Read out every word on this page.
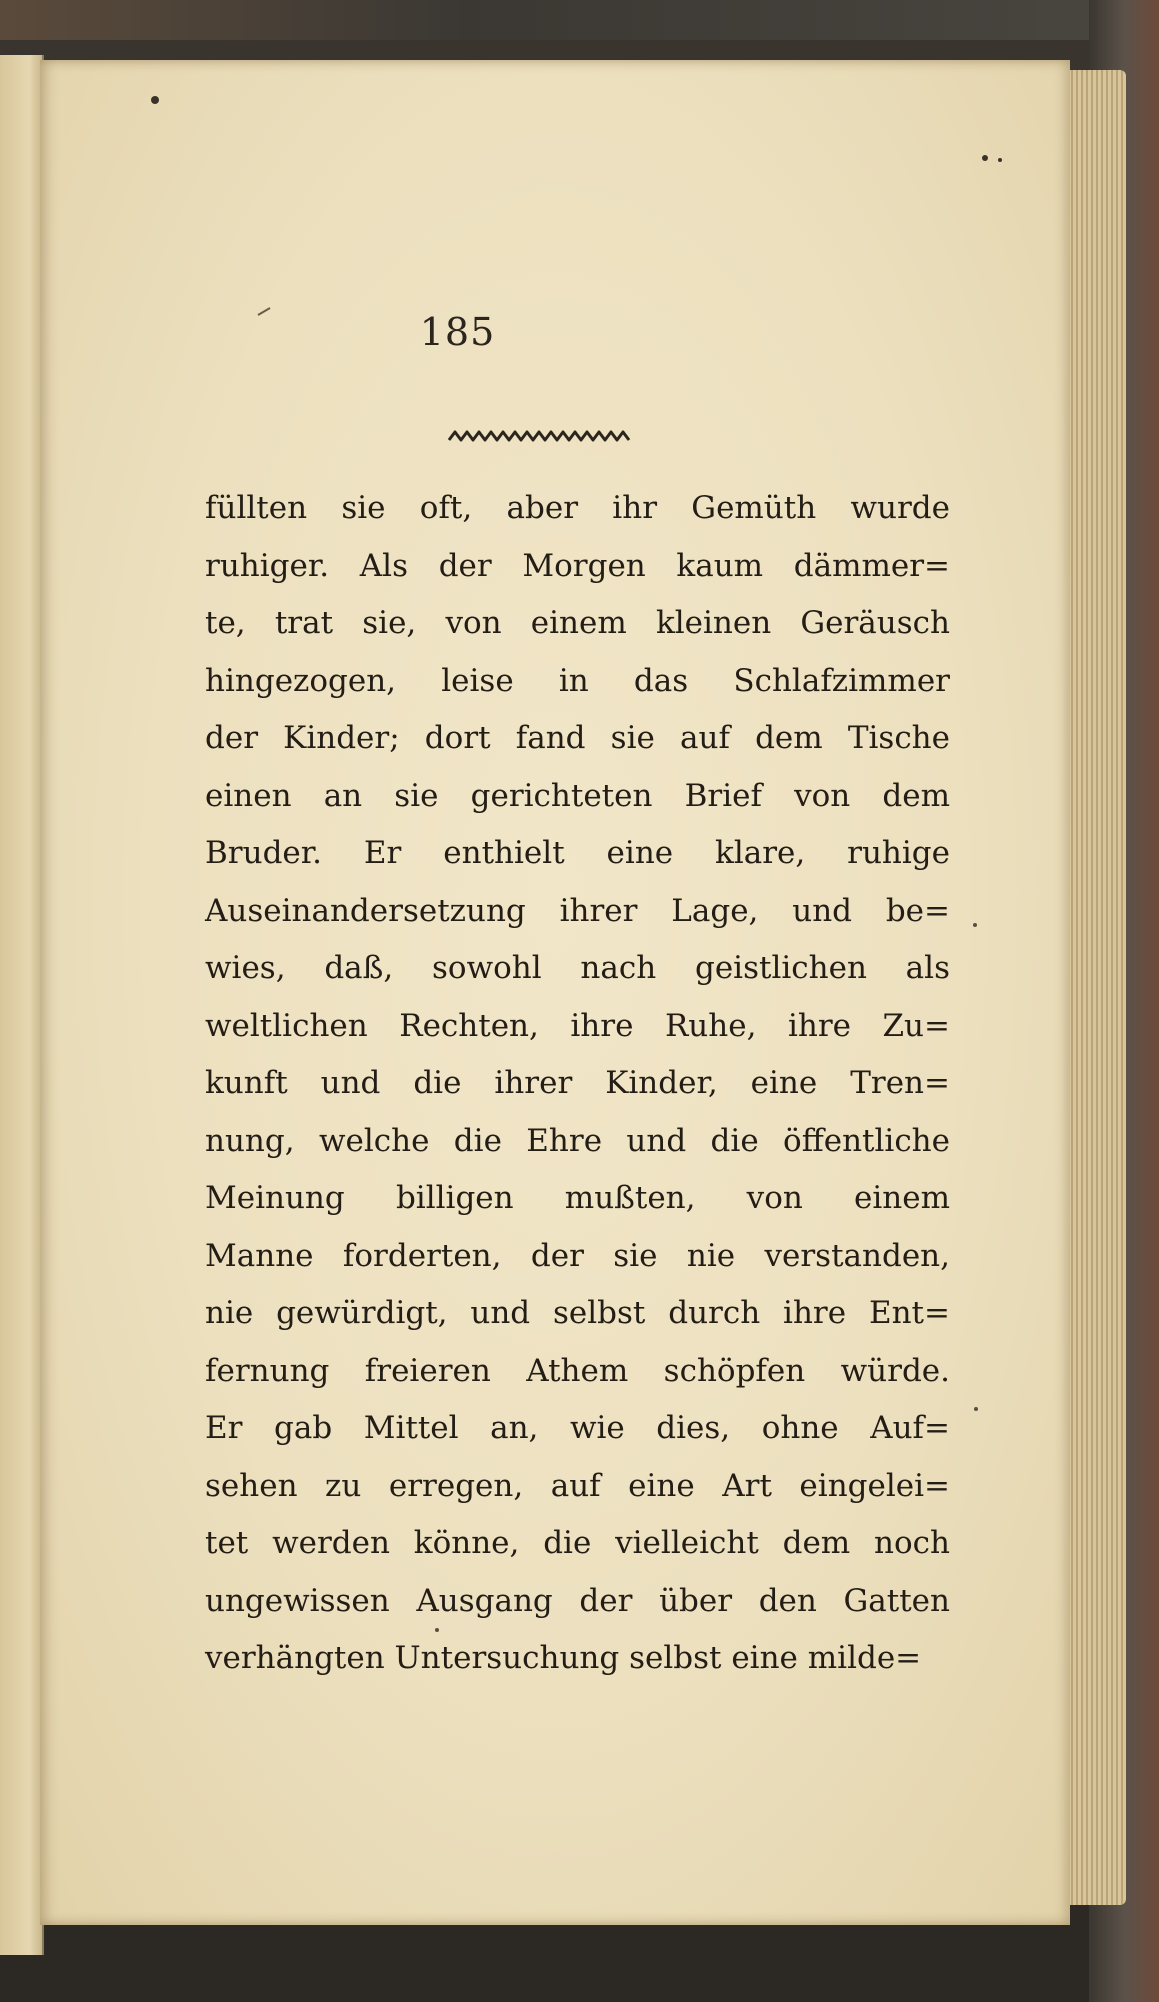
185
füllten sie oft, aber ihr Gemüth wurde
ruhiger. Als der Morgen kaum dämmer=
te, trat sie, von einem kleinen Geräusch
hingezogen, leise in das Schlafzimmer
der Kinder; dort fand sie auf dem Tische
einen an sie gerichteten Brief von dem
Bruder. Er enthielt eine klare, ruhige
Auseinandersetzung ihrer Lage, und be=
wies, daß, sowohl nach geistlichen als
weltlichen Rechten, ihre Ruhe, ihre Zu=
kunft und die ihrer Kinder, eine Tren=
nung, welche die Ehre und die öffentliche
Meinung billigen mußten, von einem
Manne forderten, der sie nie verstanden,
nie gewürdigt, und selbst durch ihre Ent=
fernung freieren Athem schöpfen würde.
Er gab Mittel an, wie dies, ohne Auf=
sehen zu erregen, auf eine Art eingelei=
tet werden könne, die vielleicht dem noch
ungewissen Ausgang der über den Gatten
verhängten Untersuchung selbst eine milde=
